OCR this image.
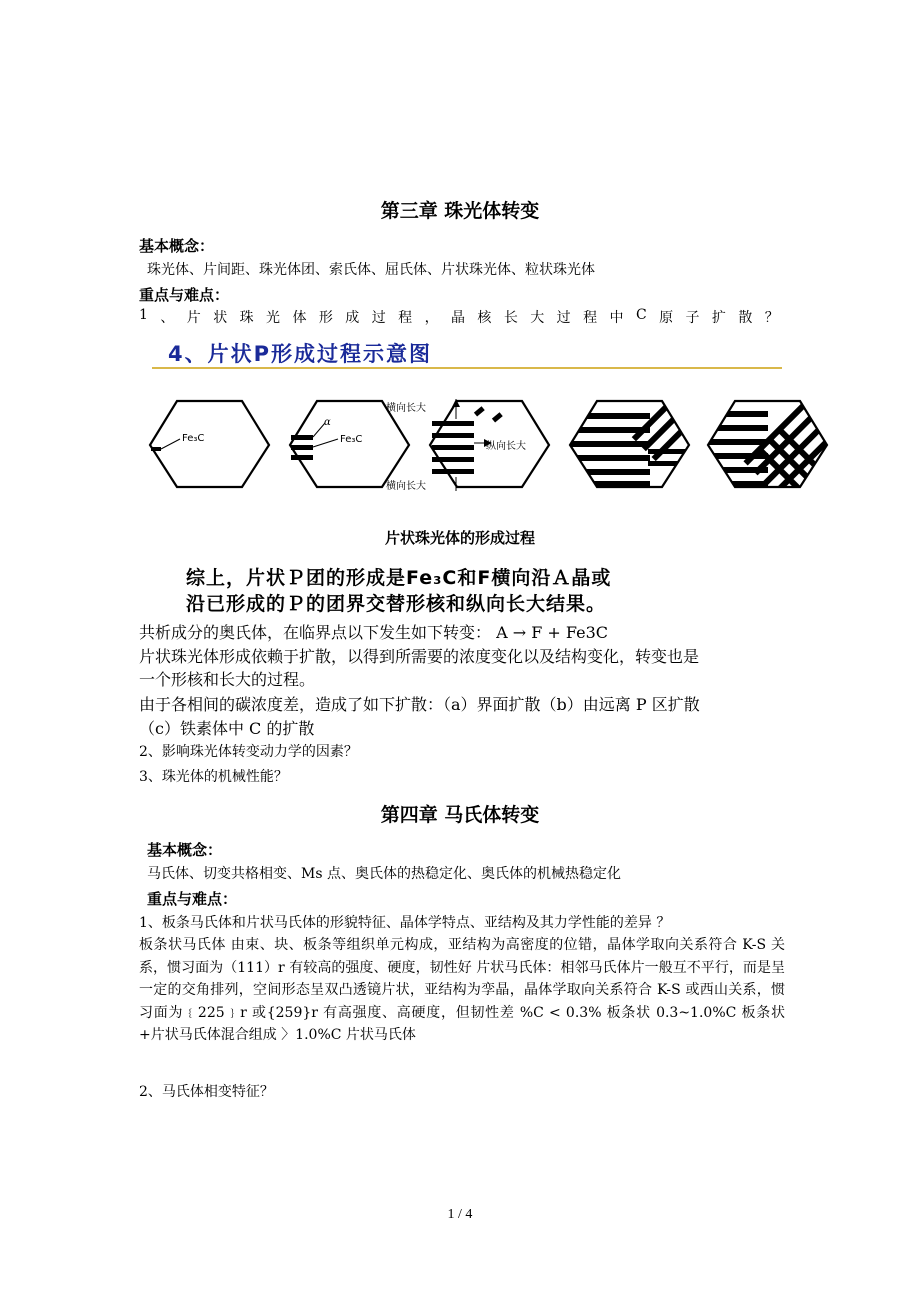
第三章 珠光体转变
基本概念：
珠光体、片间距、珠光体团、索氏体、屈氏体、片状珠光体、粒状珠光体
重点与难点：
1 、 片 状 珠 光 体 形 成 过 程 ， 晶 核 长 大 过 程 中 C 原 子 扩 散 ？
4、片状P形成过程示意图
Fe₃C
α
Fe₃C
横向长大
纵向长大
横向长大
片状珠光体的形成过程
综上，片状Ｐ团的形成是Fe₃C和F横向沿Ａ晶或
沿已形成的Ｐ的团界交替形核和纵向长大结果。
共析成分的奥氏体，在临界点以下发生如下转变： A → F + Fe3C
片状珠光体形成依赖于扩散，以得到所需要的浓度变化以及结构变化，转变也是
一个形核和长大的过程。
由于各相间的碳浓度差，造成了如下扩散：（a）界面扩散（b）由远离 P 区扩散
（c）铁素体中 C 的扩散
2、影响珠光体转变动力学的因素？
3、珠光体的机械性能？
第四章 马氏体转变
基本概念：
马氏体、切变共格相变、Ms 点、奥氏体的热稳定化、奥氏体的机械热稳定化
重点与难点：
1、板条马氏体和片状马氏体的形貌特征、晶体学特点、亚结构及其力学性能的差异 ？
板条状马氏体 由束、块、板条等组织单元构成，亚结构为高密度的位错，晶体学取向关系符合 K-S 关系，惯习面为（111）r 有较高的强度、硬度，韧性好 片状马氏体：相邻马氏体片一般互不平行，而是呈一定的交角排列，空间形态呈双凸透镜片状，亚结构为孪晶，晶体学取向关系符合 K-S 或西山关系，惯习面为﹛225﹜r 或{259}r 有高强度、高硬度，但韧性差 %C < 0.3% 板条状 0.3~1.0%C 板条状+片状马氏体混合组成 〉1.0%C 片状马氏体
2、马氏体相变特征？
1 / 4
